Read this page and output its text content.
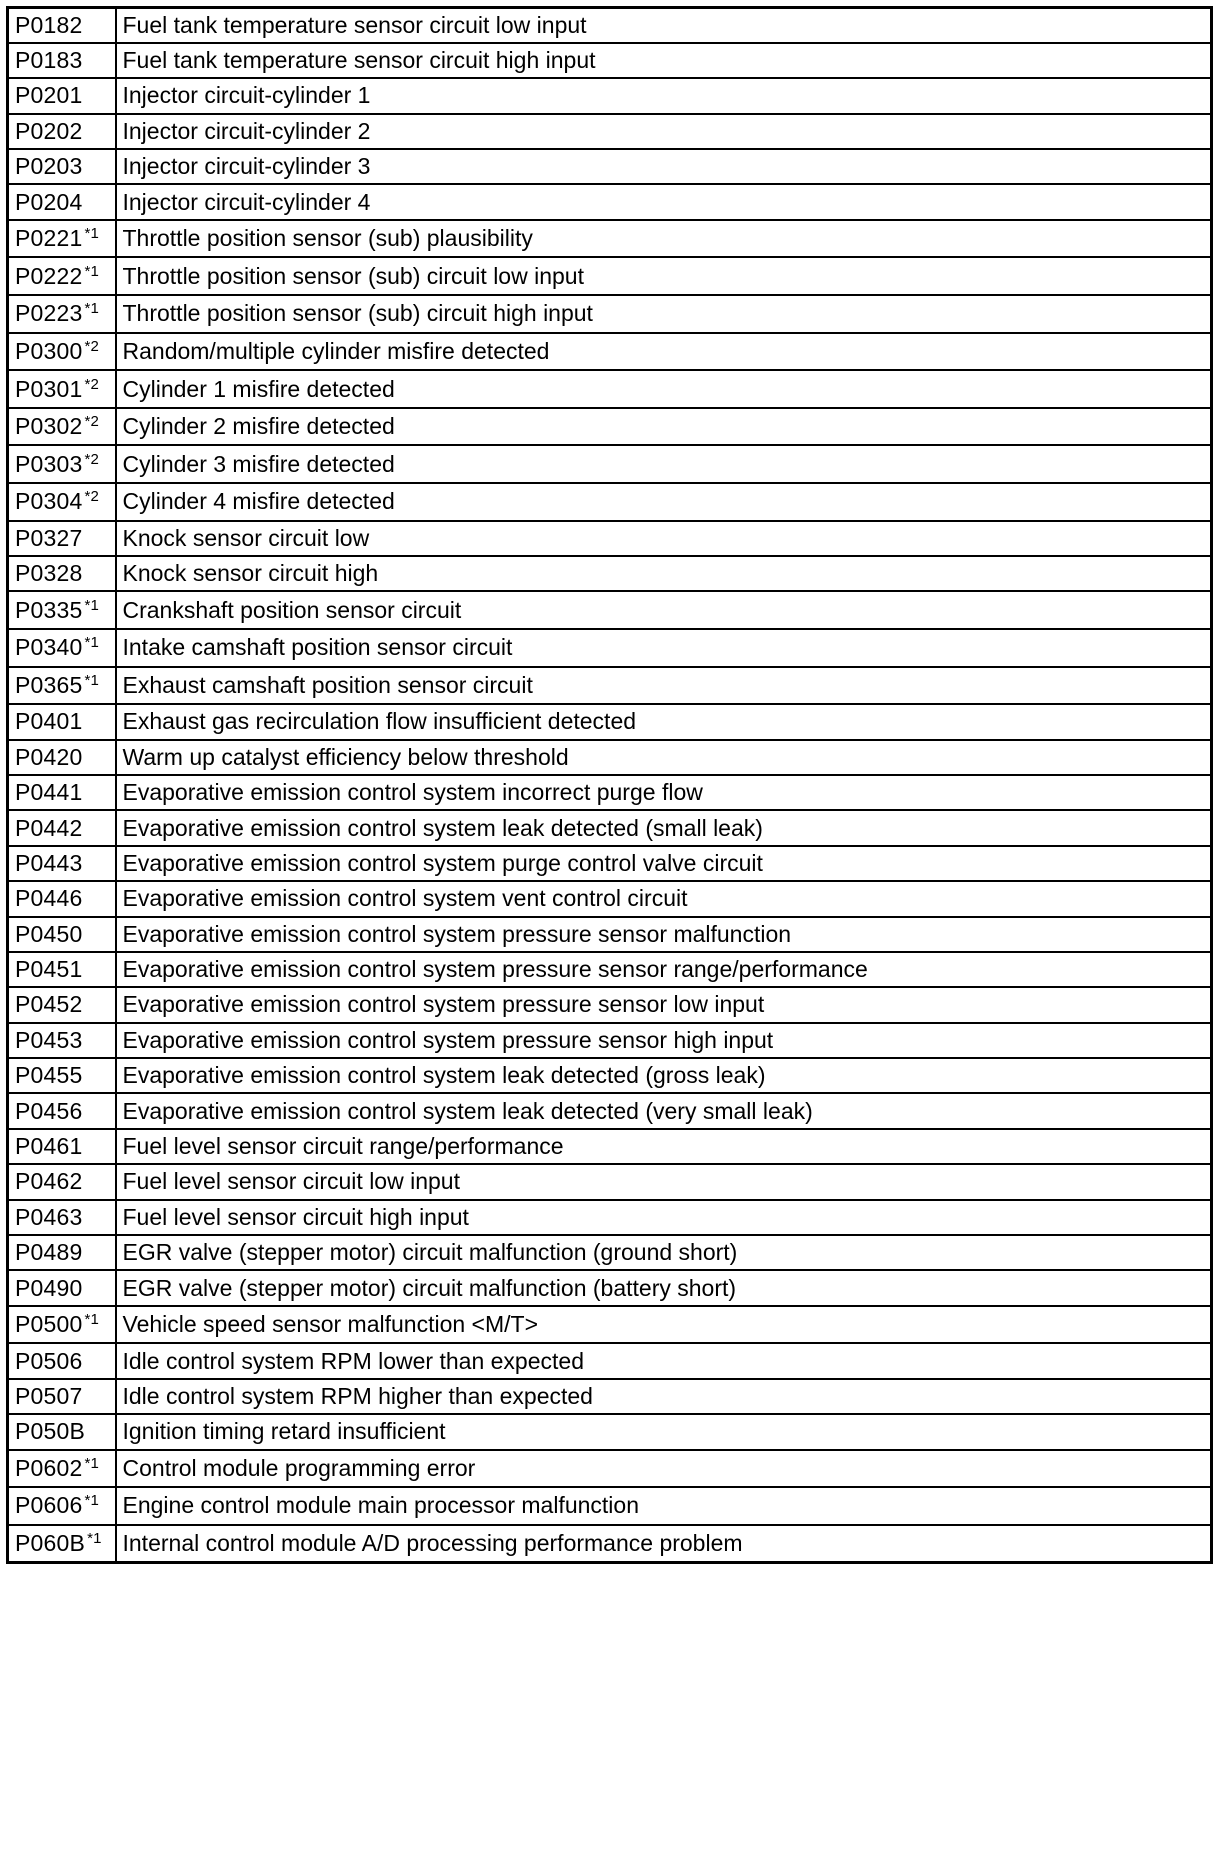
P0182	Fuel tank temperature sensor circuit low input
P0183	Fuel tank temperature sensor circuit high input
P0201	Injector circuit-cylinder 1
P0202	Injector circuit-cylinder 2
P0203	Injector circuit-cylinder 3
P0204	Injector circuit-cylinder 4
P0221 $^{*1}$	Throttle position sensor (sub) plausibility
P0222 $^{*1}$	Throttle position sensor (sub) circuit low input
P0223 $^{*1}$	Throttle position sensor (sub) circuit high input
P0300 $^{*2}$	Random/multiple cylinder misfire detected
P0301 $^{*2}$	Cylinder 1 misfire detected
P0302 $^{*2}$	Cylinder 2 misfire detected
P0303 $^{*2}$	Cylinder 3 misfire detected
P0304 $^{*2}$	Cylinder 4 misfire detected
P0327	Knock sensor circuit low
P0328	Knock sensor circuit high
P0335 $^{*1}$	Crankshaft position sensor circuit
P0340 $^{*1}$	Intake camshaft position sensor circuit
P0365 $^{*1}$	Exhaust camshaft position sensor circuit
P0401	Exhaust gas recirculation flow insufficient detected
P0420	Warm up catalyst efficiency below threshold
P0441	Evaporative emission control system incorrect purge flow
P0442	Evaporative emission control system leak detected (small leak)
P0443	Evaporative emission control system purge control valve circuit
P0446	Evaporative emission control system vent control circuit
P0450	Evaporative emission control system pressure sensor malfunction
P0451	Evaporative emission control system pressure sensor range/performance
P0452	Evaporative emission control system pressure sensor low input
P0453	Evaporative emission control system pressure sensor high input
P0455	Evaporative emission control system leak detected (gross leak)
P0456	Evaporative emission control system leak detected (very small leak)
P0461	Fuel level sensor circuit range/performance
P0462	Fuel level sensor circuit low input
P0463	Fuel level sensor circuit high input
P0489	EGR valve (stepper motor) circuit malfunction (ground short)
P0490	EGR valve (stepper motor) circuit malfunction (battery short)
P0500 $^{*1}$	Vehicle speed sensor malfunction <M/T>
P0506	Idle control system RPM lower than expected
P0507	Idle control system RPM higher than expected
P050B	Ignition timing retard insufficient
P0602 $^{*1}$	Control module programming error
P0606 $^{*1}$	Engine control module main processor malfunction
P060B $^{*1}$	Internal control module A/D processing performance problem
